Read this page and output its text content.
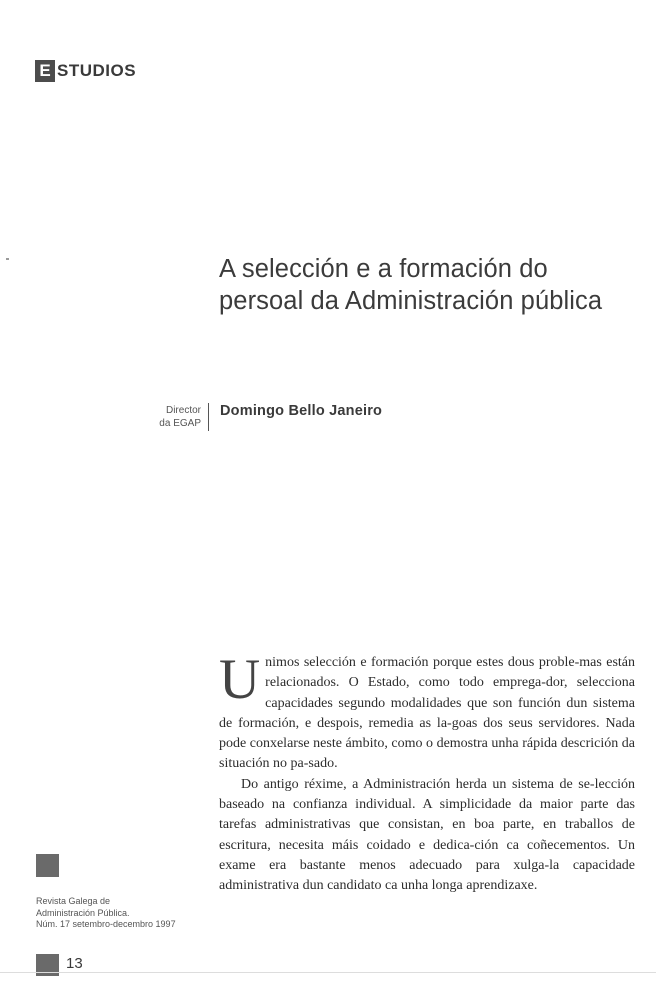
E STUDIOS
A selección e a formación do persoal da Administración pública
Director
da EGAP
Domingo Bello Janeiro

Unimos selección e formación porque estes dous proble-mas están relacionados. O Estado, como todo emprega-dor, selecciona capacidades segundo modalidades que son función dun sistema de formación, e despois, remedia as la-goas dos seus servidores. Nada pode conxelarse neste ámbito, como o demostra unha rápida descrición da situación no pa-sado.

Do antigo réxime, a Administración herda un sistema de se-lección baseado na confianza individual. A simplicidade da maior parte das tarefas administrativas que consistan, en boa parte, en traballos de escritura, necesita máis coidado e dedica-ción ca coñecementos. Un exame era bastante menos adecuado para xulga-la capacidade administrativa dun candidato ca unha longa aprendizaxe.

Revista Galega de
Administración Pública.
Núm. 17 setembro-decembro 1997
13
